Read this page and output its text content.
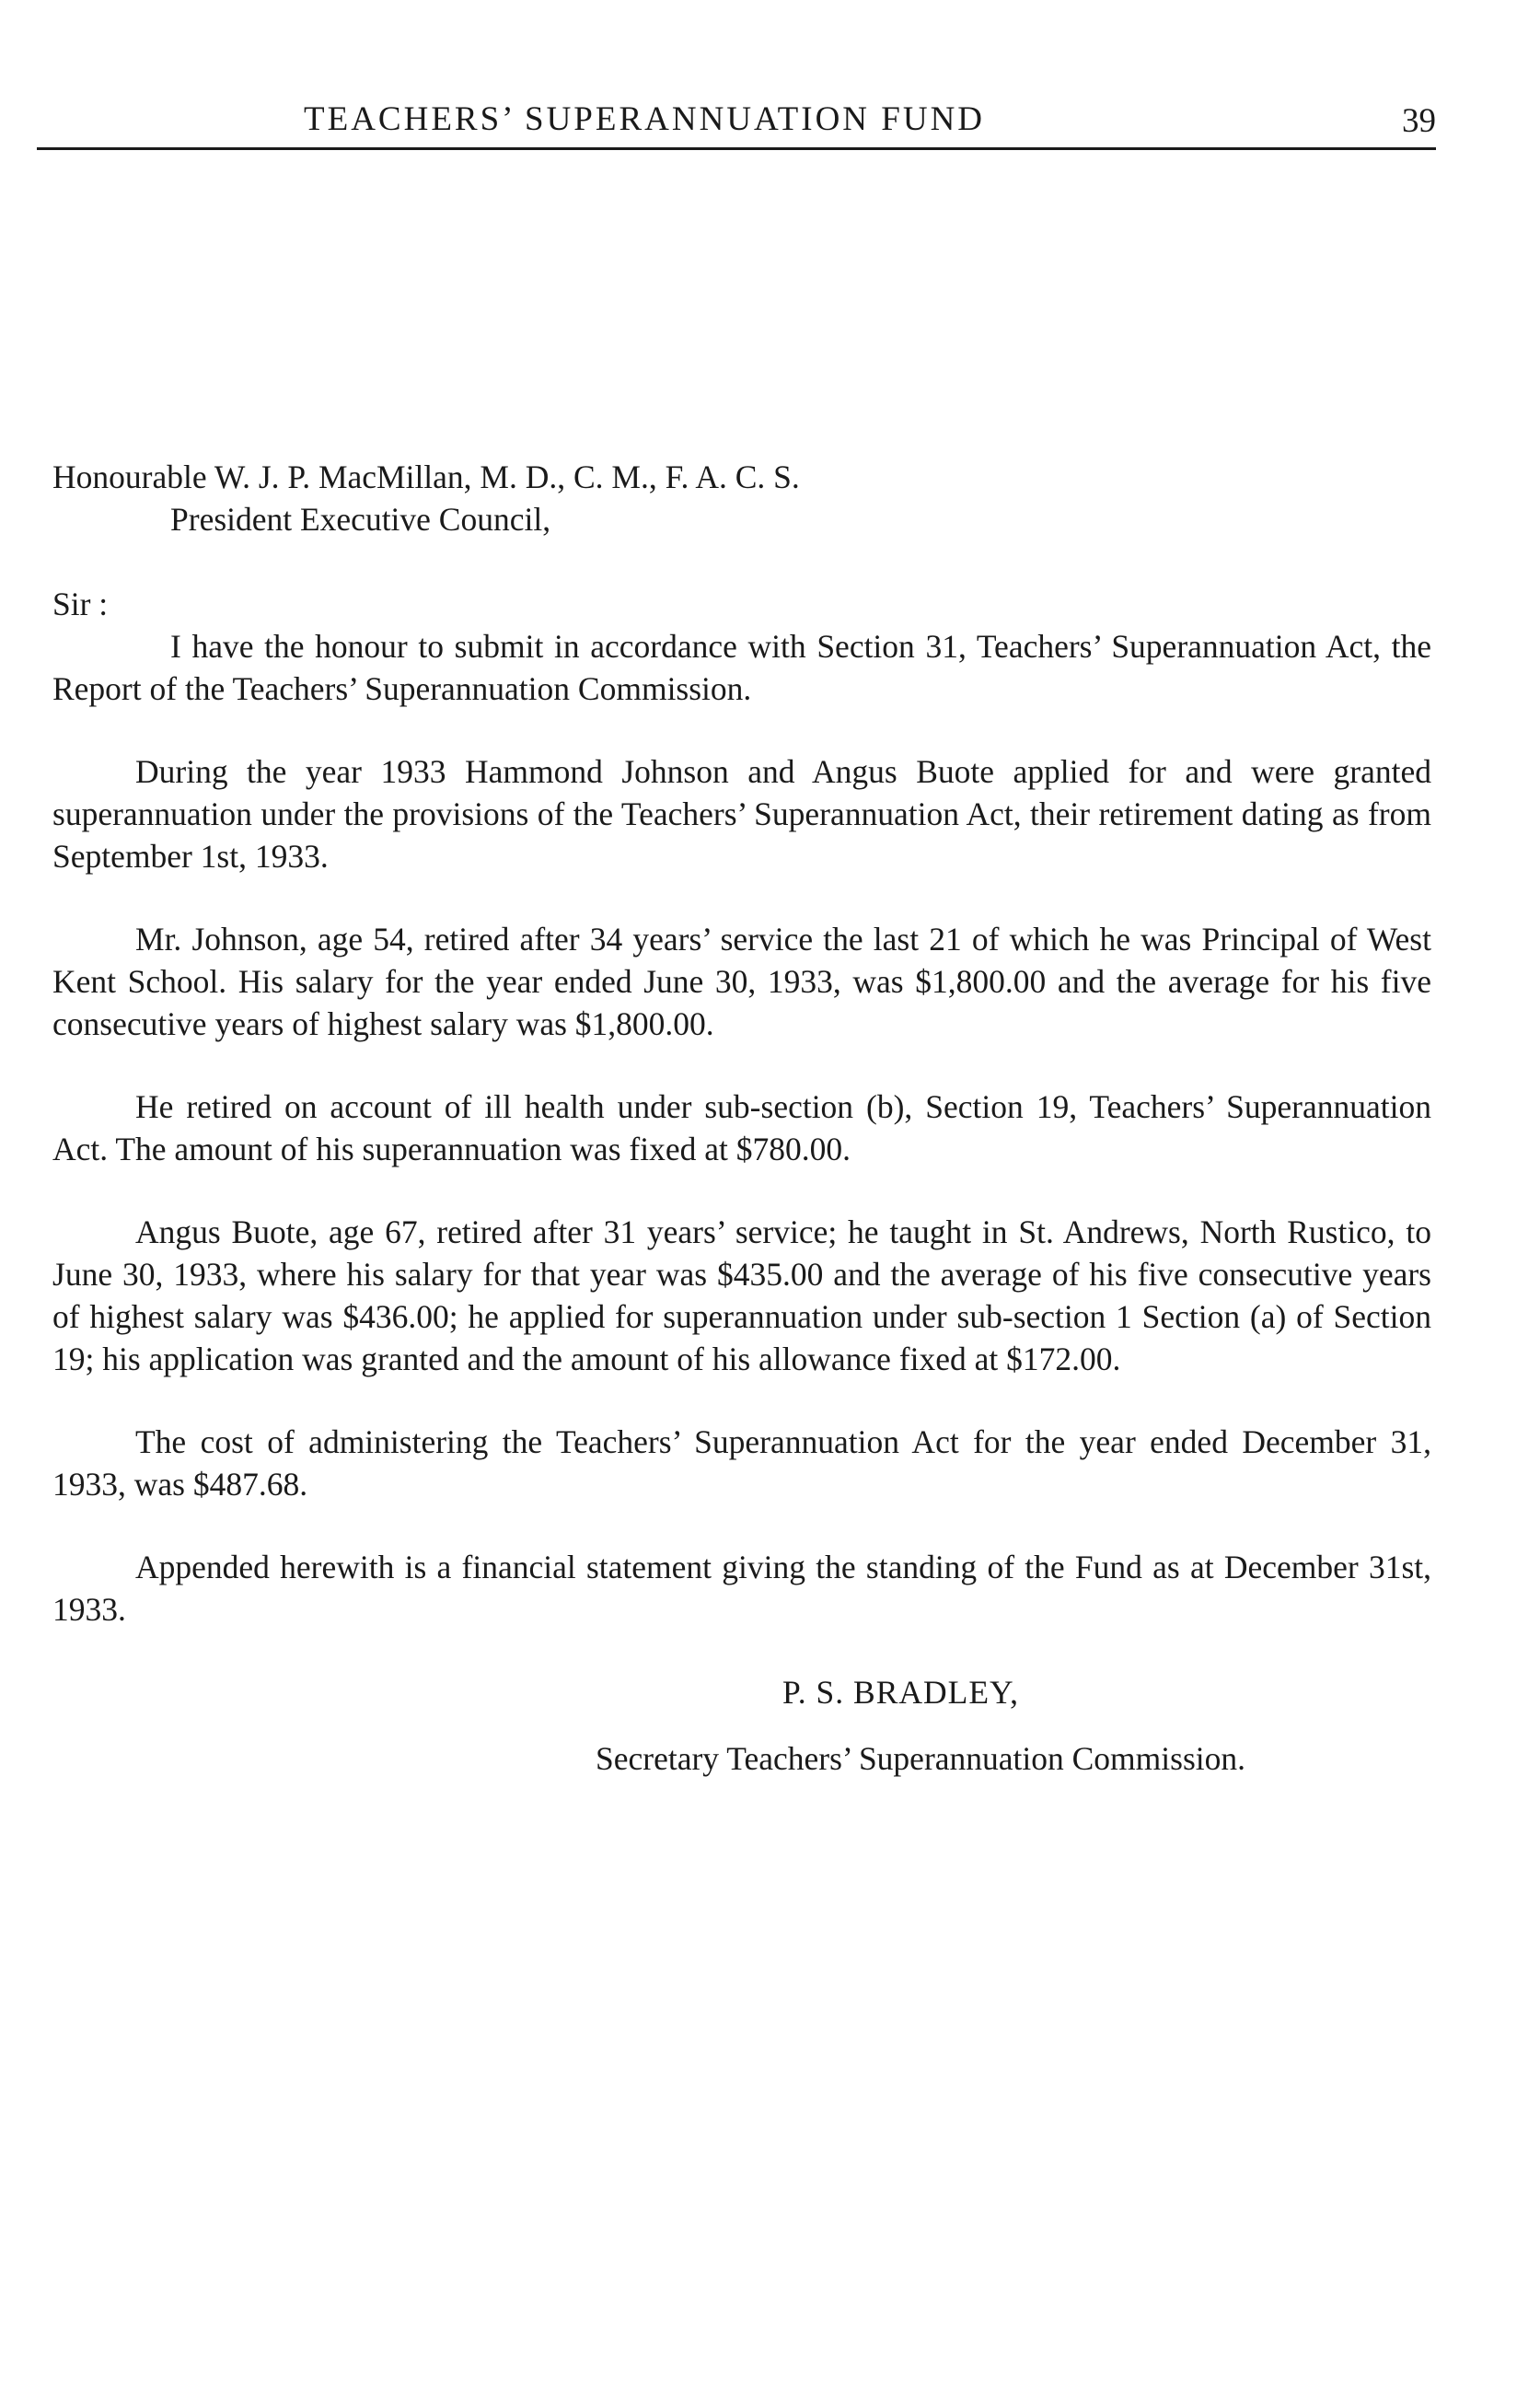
TEACHERS’ SUPERANNUATION FUND	39

Honourable W. J. P. MacMillan, M. D., C. M., F. A. C. S.

President Executive Council,

Sir :

I have the honour to submit in accordance with Section 31, Teachers’ Superannuation Act, the Report of the Teachers’ Superannuation Commission.

During the year 1933 Hammond Johnson and Angus Buote applied for and were granted superannuation under the provisions of the Teachers’ Superannuation Act, their retirement dating as from September 1st, 1933.

Mr. Johnson, age 54, retired after 34 years’ service the last 21 of which he was Principal of West Kent School. His salary for the year ended June 30, 1933, was $1,800.00 and the average for his five consecutive years of highest salary was $1,800.00.

He retired on account of ill health under sub-section (b), Section 19, Teachers’ Superannuation Act. The amount of his superannuation was fixed at $780.00.

Angus Buote, age 67, retired after 31 years’ service; he taught in St. Andrews, North Rustico, to June 30, 1933, where his salary for that year was $435.00 and the average of his five consecutive years of highest salary was $436.00; he applied for superannuation under sub-section 1 Section (a) of Section 19; his application was granted and the amount of his allowance fixed at $172.00.

The cost of administering the Teachers’ Superannuation Act for the year ended December 31, 1933, was $487.68.

Appended herewith is a financial statement giving the standing of the Fund as at December 31st, 1933.

P. S. BRADLEY,
Secretary Teachers’ Superannuation Commission.
